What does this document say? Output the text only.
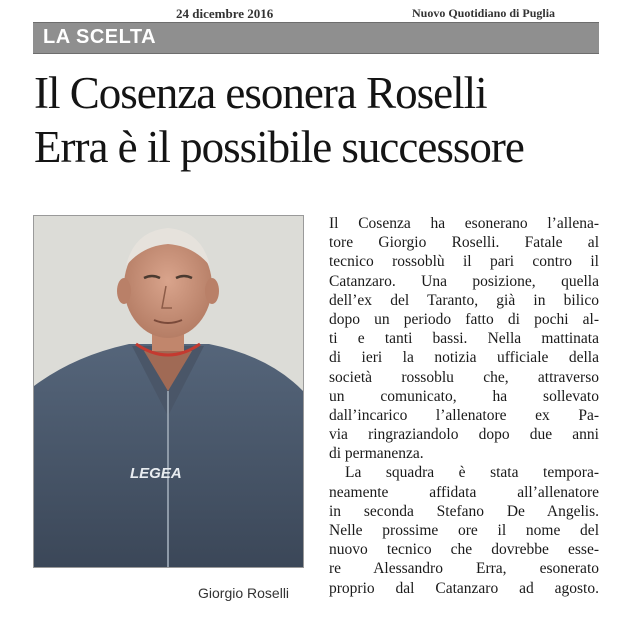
24 dicembre 2016	Nuovo Quotidiano di Puglia
LA SCELTA
Il Cosenza esonera Roselli
Erra è il possibile successore
LEGEA
Giorgio Roselli
Il Cosenza ha esonerano l’allena-
tore Giorgio Roselli. Fatale al
tecnico rossoblù il pari contro il
Catanzaro. Una posizione, quella
dell’ex del Taranto, già in bilico
dopo un periodo fatto di pochi al-
ti e tanti bassi. Nella mattinata
di ieri la notizia ufficiale della
società rossoblu che, attraverso
un comunicato, ha sollevato
dall’incarico l’allenatore ex Pa-
via ringraziandolo dopo due anni
di permanenza.
La squadra è stata tempora-
neamente affidata all’allenatore
in seconda Stefano De Angelis.
Nelle prossime ore il nome del
nuovo tecnico che dovrebbe esse-
re Alessandro Erra, esonerato
proprio dal Catanzaro ad agosto.
